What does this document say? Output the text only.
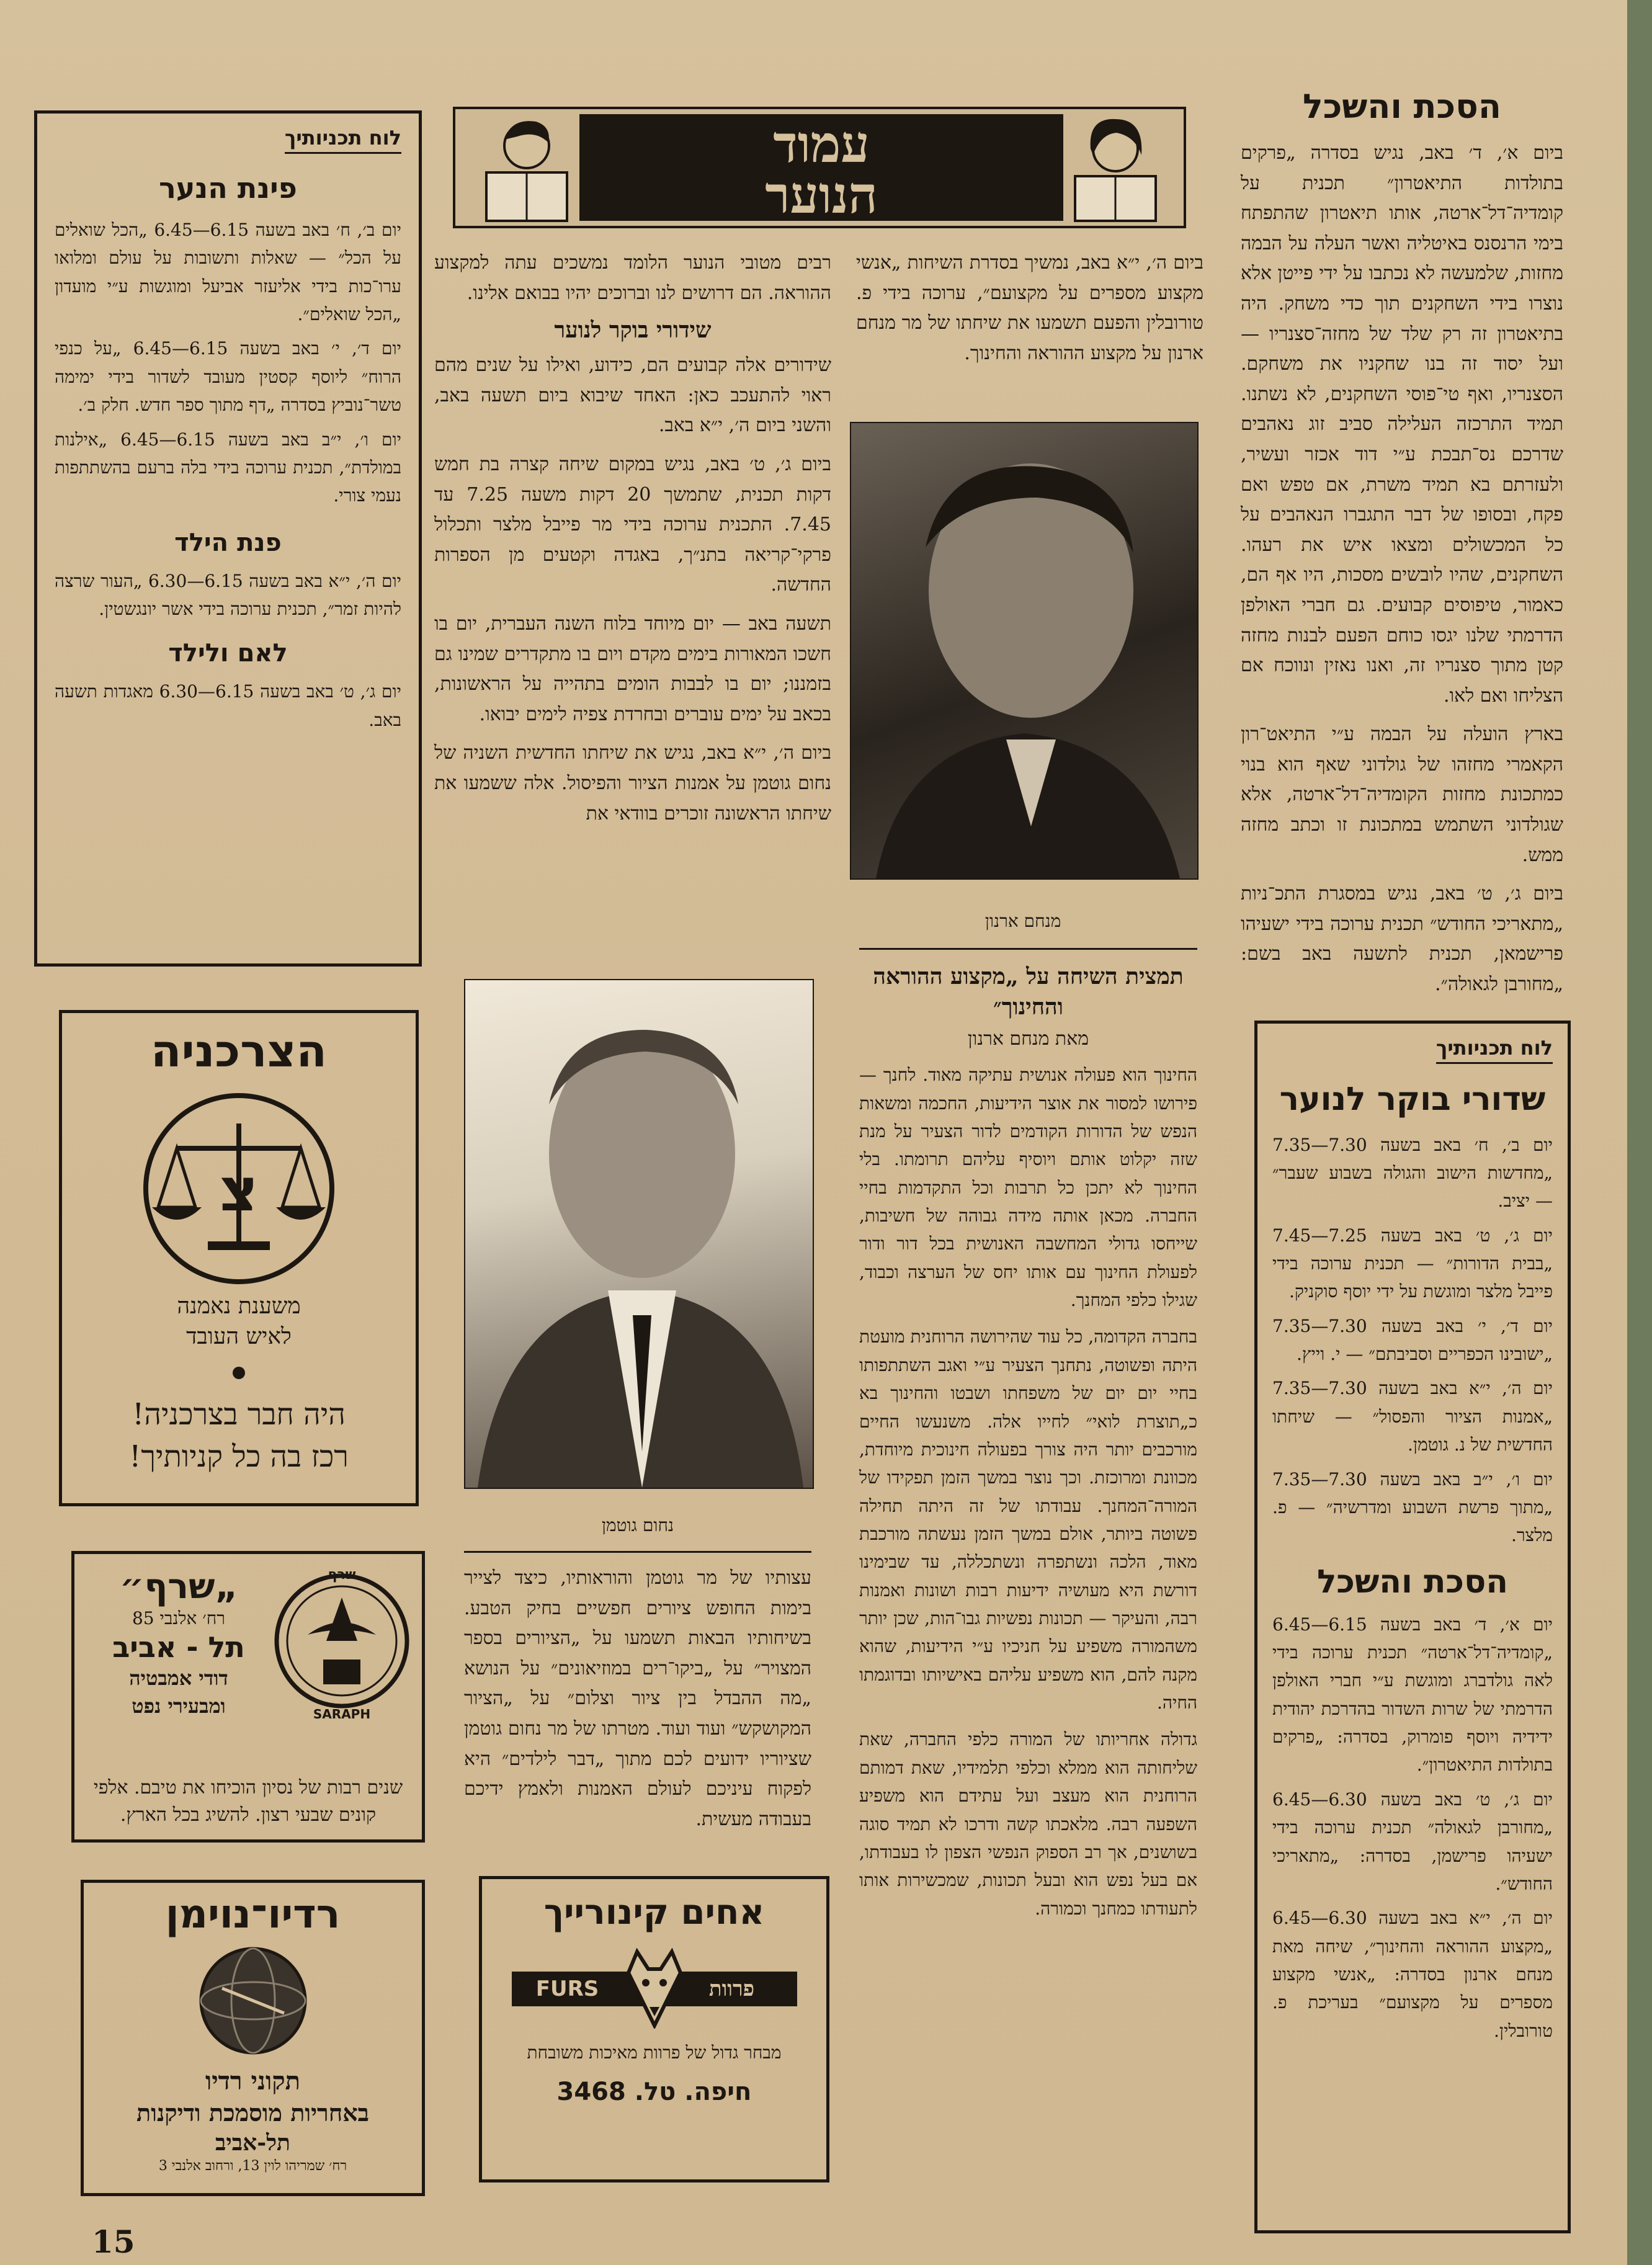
הסכת והשכל

ביום א׳, ד׳ באב, נגיש בסדרה „פרקים בתולדות התיאטרון״ תכנית על קומדיה־דל־ארטה, אותו תיאטרון שהתפתח בימי הרנסנס באיטליה ואשר העלה על הבמה מחזות, שלמעשה לא נכתבו על ידי פייטן אלא נוצרו בידי השחקנים תוך כדי משחק. היה בתיאטרון זה רק שלד של מחזה־סצנריו — ועל יסוד זה בנו שחקניו את משחקם. הסצנריו, ואף טי־פוסי השחקנים, לא נשתנו. תמיד התרכזה העלילה סביב זוג נאהבים שדרכם נס־תבכת ע״י דוד אכזר ועשיר, ולעזרתם בא תמיד משרת, אם טפש ואם פקח, ובסופו של דבר התגברו הנאהבים על כל המכשולים ומצאו איש את רעהו. השחקנים, שהיו לובשים מסכות, היו אף הם, כאמור, טיפוסים קבועים. גם חברי האולפן הדרמתי שלנו יגסו כוחם הפעם לבנות מחזה קטן מתוך סצנריו זה, ואנו נאזין ונווכח אם הצליחו ואם לאו.

בארץ הועלה על הבמה ע״י התיאט־רון הקאמרי מחזהו של גולדוני שאף הוא בנוי כמתכונת מחזות הקומדיה־דל־ארטה, אלא שגולדוני השתמש במתכונת זו וכתב מחזה ממש.

ביום ג׳, ט׳ באב, נגיש במסגרת התכ־ניות „מתאריכי החודש״ תכנית ערוכה בידי ישעיהו פרישמאן, תכנית לתשעה באב בשם: „מחורבן לגאולה״.

לוח תכניותיך
שדורי בוקר לנוער

יום ב׳, ח׳ באב בשעה 7.30—7.35 „מחדשות הישוב והגולה בשבוע שעבר״ — יציב.

יום ג׳, ט׳ באב בשעה 7.25—7.45 „בבית הדורות״ — תכנית ערוכה בידי פייבל מלצר ומוגשת על ידי יוסף סוקניק.

יום ד׳, י׳ באב בשעה 7.30—7.35 „ישובינו הכפריים וסביבתם״ — י. וייץ.

יום ה׳, י״א באב בשעה 7.30—7.35 „אמנות הציור והפסול״ — שיחתו החדשית של נ. גוטמן.

יום ו׳, י״ב באב בשעה 7.30—7.35 „מתוך פרשת השבוע ומדרשיה״ — פ. מלצר.

הסכת והשכל

יום א׳, ד׳ באב בשעה 6.15—6.45 „קומדיה־דל־ארטה״ תכנית ערוכה בידי לאה גולדברג ומוגשת ע״י חברי האולפן הדרמתי של שרות השדור בהדרכת יהודית ידידיה ויוסף פומרוק, בסדרה: „פרקים בתולדות התיאטרון״.

יום ג׳, ט׳ באב בשעה 6.30—6.45 „מחורבן לגאולה״ תכנית ערוכה בידי ישעיהו פרישמן, בסדרה: „מתאריכי החודש״.

יום ה׳, י״א באב בשעה 6.30—6.45 „מקצוע ההוראה והחינוך״, שיחה מאת מנחם ארנון בסדרה: „אנשי מקצוע מספרים על מקצועם״ בעריכת פ. טורובלין.

עמוד
הנוער

ביום ה׳, י״א באב, נמשיך בסדרת השיחות „אנשי מקצוע מספרים על מקצועם״, ערוכה בידי פ. טורובלין והפעם תשמעו את שיחתו של מר מנחם ארנון על מקצוע ההוראה והחינוך.

מנחם ארנון
תמצית השיחה על „מקצוע ההוראה והחינוך״
מאת מנחם ארנון

החינוך הוא פעולה אנושית עתיקה מאוד. לחנך — פירושו למסור את אוצר הידיעות, החכמה ומשאות הנפש של הדורות הקודמים לדור הצעיר על מנת שזה יקלוט אותם ויוסיף עליהם תרומתו. בלי החינוך לא יתכן כל תרבות וכל התקדמות בחיי החברה. מכאן אותה מידה גבוהה של חשיבות, שייחסו גדולי המחשבה האנושית בכל דור ודור לפעולת החינוך עם אותו יחס של הערצה וכבוד, שגילו כלפי המחנך.

בחברה הקדומה, כל עוד שהירושה הרוחנית מועטת היתה ופשוטה, נתחנך הצעיר ע״י ואגב השתתפותו בחיי יום יום של משפחתו ושבטו והחינוך בא כ„תוצרת לואי״ לחייו אלה. משנעשו החיים מורכבים יותר היה צורך בפעולה חינוכית מיוחדת, מכוונת ומרוכזת. וכך נוצר במשך הזמן תפקידו של המורה־המחנך. עבודתו של זה היתה תחילה פשוטה ביותר, אולם במשך הזמן נעשתה מורכבת מאוד, הלכה ונשתפרה ונשתכללה, עד שבימינו דורשת היא מעושיה ידיעות רבות ושונות ואמנות רבה, והעיקר — תכונות נפשיות גבו־הות, שכן יותר משהמורה משפיע על חניכיו ע״י הידיעות, שהוא מקנה להם, הוא משפיע עליהם באישיותו ובדוגמתו החיה.

גדולה אחריותו של המורה כלפי החברה, שאת שליחותה הוא ממלא וכלפי תלמידיו, שאת דמותם הרוחנית הוא מעצב ועל עתידם הוא משפיע השפעה רבה. מלאכתו קשה ודרכו לא תמיד סוגה בשושנים, אך רב הספוק הנפשי הצפון לו בעבודתו, אם בעל נפש הוא ובעל תכונות, שמכשירות אותו לתעודתו כמחנך וכמורה.

רבים מטובי הנוער הלומד נמשכים עתה למקצוע ההוראה. הם דרושים לנו וברוכים יהיו בבואם אלינו.

שידורי בוקר לנוער

שידורים אלה קבועים הם, כידוע, ואילו על שנים מהם ראוי להתעכב כאן: האחד שיבוא ביום תשעה באב, והשני ביום ה׳, י״א באב.

ביום ג׳, ט׳ באב, נגיש במקום שיחה קצרה בת חמש דקות תכנית, שתמשך 20 דקות משעה 7.25 עד 7.45. התכנית ערוכה בידי מר פייבל מלצר ותכלול פרקי־קריאה בתנ״ך, באגדה וקטעים מן הספרות החדשה.

תשעה באב — יום מיוחד בלוח השנה העברית, יום בו חשכו המאורות בימים מקדם ויום בו מתקדרים שמינו גם בזמננו; יום בו לבבות הומים בתהייה על הראשונות, בכאב על ימים עוברים ובחרדת צפיה לימים יבואו.

ביום ה׳, י״א באב, נגיש את שיחתו החדשית השניה של נחום גוטמן על אמנות הציור והפיסול. אלה ששמעו את שיחתו הראשונה זוכרים בוודאי את

נחום גוטמן

עצותיו של מר גוטמן והוראותיו, כיצד לצייר בימות החופש ציורים חפשיים בחיק הטבע. בשיחותיו הבאות תשמעו על „הציורים בספר המצויר״ על „ביקו־רים במוזיאונים״ על הנושא „מה ההבדל בין ציור וצלום״ על „הציור המקושקש״ ועוד ועוד. מטרתו של מר נחום גוטמן שציוריו ידועים לכם מתוך „דבר לילדים״ היא לפקוח עיניכם לעולם האמנות ולאמץ ידיכם בעבודה מעשית.

לוח תכניותיך
פינת הנער

יום ב׳, ח׳ באב בשעה 6.15—6.45 „הכל שואלים על הכל״ — שאלות ותשובות על עולם ומלואו ערו־כות בידי אליעזר אביעל ומוגשות ע״י מועדון „הכל שואלים״.

יום ד׳, י׳ באב בשעה 6.15—6.45 „על כנפי הרוח״ ליוסף קסטין מעובד לשדור בידי ימימה טשר־נוביץ בסדרה „דף מתוך ספר חדש. חלק ב׳.

יום ו׳, י״ב באב בשעה 6.15—6.45 „אילנות במולדת״, תכנית ערוכה בידי בלה ברעם בהשתתפות נעמי צורי.

פנת הילד

יום ה׳, י״א באב בשעה 6.15—6.30 „העור שרצה להיות זמר״, תכנית ערוכה בידי אשר יונגשטין.

לאם ולילד

יום ג׳, ט׳ באב בשעה 6.15—6.30 מאגדות תשעה באב.

הצרכניה
צ
משענת נאמנה
לאיש העובד
היה חבר בצרכניה!
רכז בה כל קניותיך!
שרף
SARAPH
„שרף״
רח׳ אלנבי 85
תל - אביב
דודי אמבטיה
ומבעירי נפט
שנים רבות של נסיון הוכיחו את טיבם. אלפי קונים שבעי רצון. להשיג בכל הארץ.
רדיו־נוימן
תקוני רדיו
באחריות מוסמכת ודיקנות
תל-אביב
רח׳ שמריהו לוין 13, ורחוב אלנבי 3
אחים קינורייך
FURS	פרוות
מבחר גדול של פרוות מאיכות משובחת
חיפה. טל. 3468
15
